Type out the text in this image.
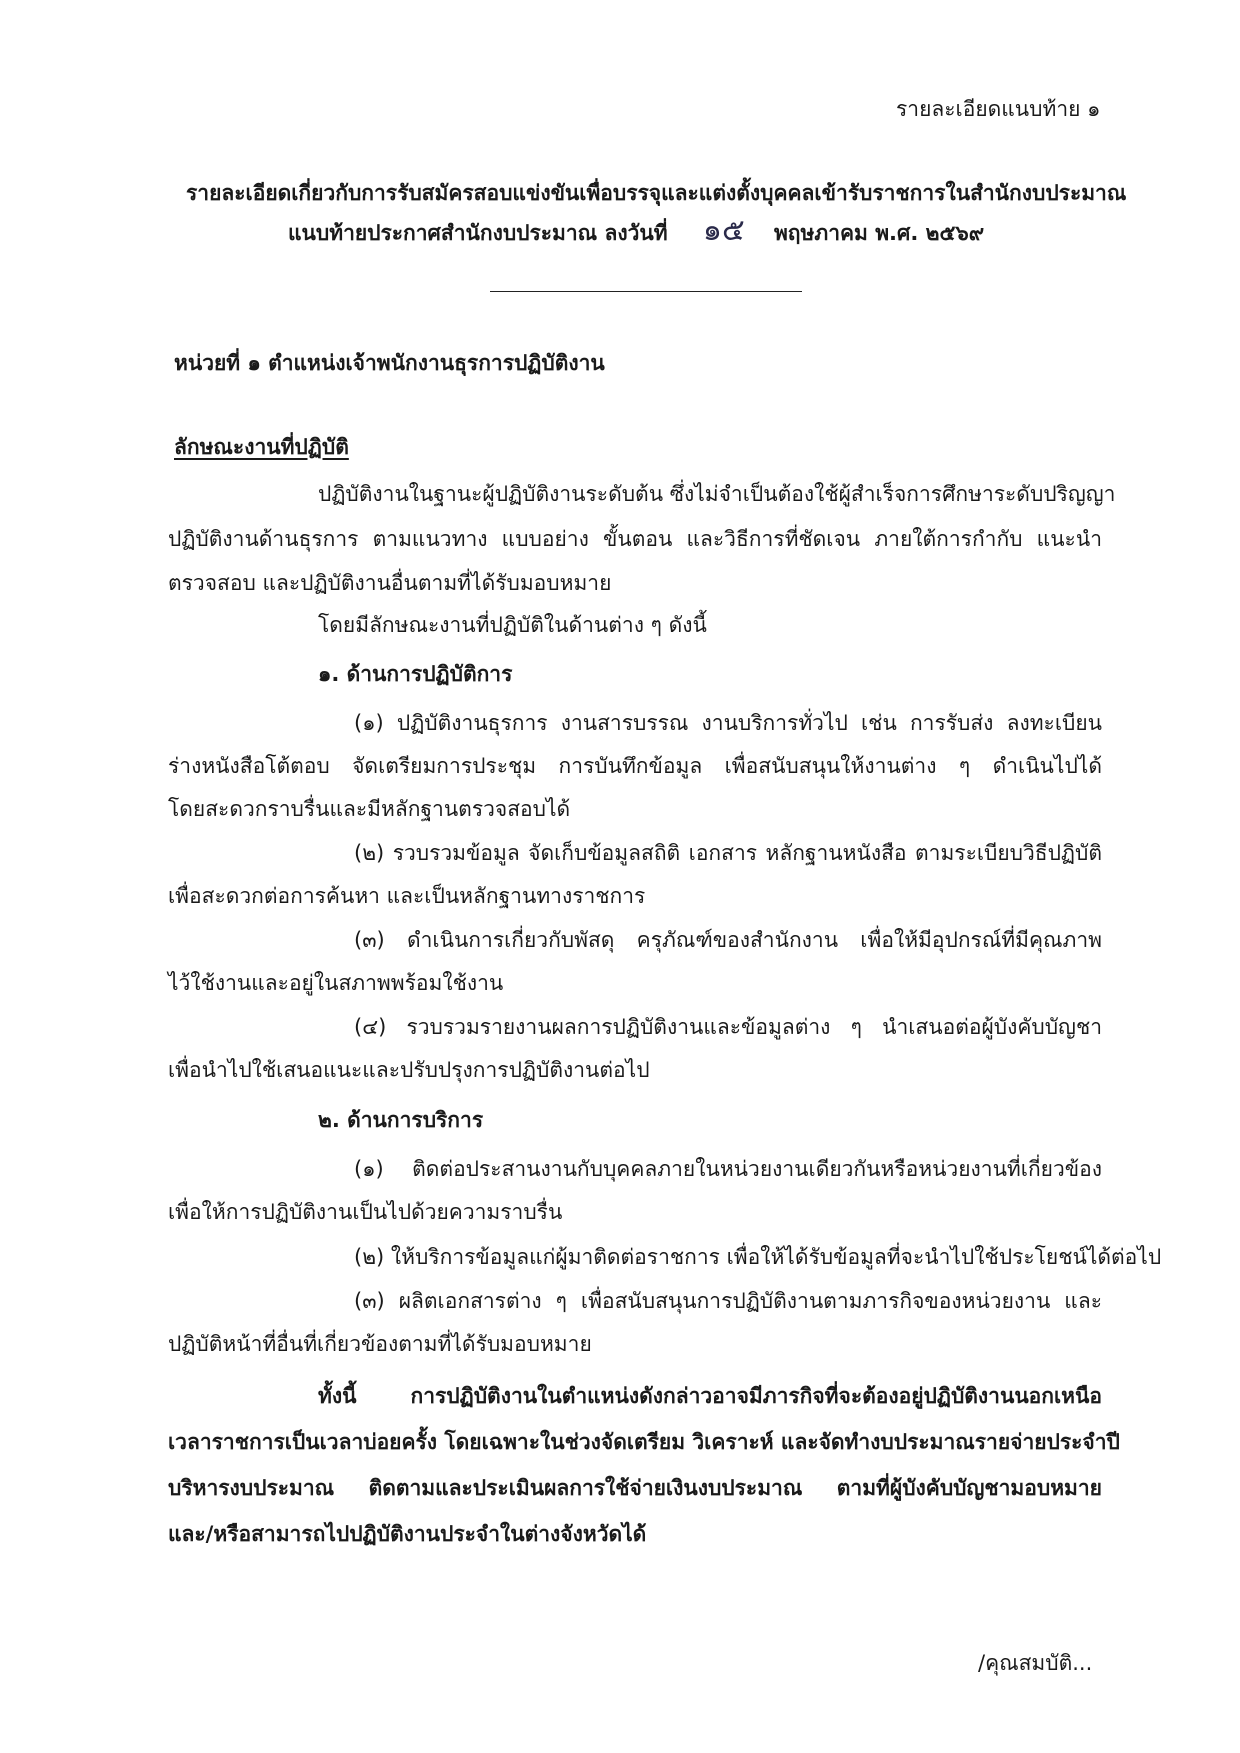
รายละเอียดแนบท้าย ๑
รายละเอียดเกี่ยวกับการรับสมัครสอบแข่งขันเพื่อบรรจุและแต่งตั้งบุคคลเข้ารับราชการในสำนักงบประมาณ
แนบท้ายประกาศสำนักงบประมาณ ลงวันที่ ๑๕ พฤษภาคม พ.ศ. ๒๕๖๙
หน่วยที่ ๑ ตำแหน่งเจ้าพนักงานธุรการปฏิบัติงาน
ลักษณะงานที่ปฏิบัติ
ปฏิบัติงานในฐานะผู้ปฏิบัติงานระดับต้น ซึ่งไม่จำเป็นต้องใช้ผู้สำเร็จการศึกษาระดับปริญญา
ปฏิบัติงานด้านธุรการ ตามแนวทาง แบบอย่าง ขั้นตอน และวิธีการที่ชัดเจน ภายใต้การกำกับ แนะนำ
ตรวจสอบ และปฏิบัติงานอื่นตามที่ได้รับมอบหมาย
โดยมีลักษณะงานที่ปฏิบัติในด้านต่าง ๆ ดังนี้
๑. ด้านการปฏิบัติการ
(๑) ปฏิบัติงานธุรการ งานสารบรรณ งานบริการทั่วไป เช่น การรับส่ง ลงทะเบียน
ร่างหนังสือโต้ตอบ จัดเตรียมการประชุม การบันทึกข้อมูล เพื่อสนับสนุนให้งานต่าง ๆ ดำเนินไปได้
โดยสะดวกราบรื่นและมีหลักฐานตรวจสอบได้
(๒) รวบรวมข้อมูล จัดเก็บข้อมูลสถิติ เอกสาร หลักฐานหนังสือ ตามระเบียบวิธีปฏิบัติ
เพื่อสะดวกต่อการค้นหา และเป็นหลักฐานทางราชการ
(๓) ดำเนินการเกี่ยวกับพัสดุ ครุภัณฑ์ของสำนักงาน เพื่อให้มีอุปกรณ์ที่มีคุณภาพ
ไว้ใช้งานและอยู่ในสภาพพร้อมใช้งาน
(๔) รวบรวมรายงานผลการปฏิบัติงานและข้อมูลต่าง ๆ นำเสนอต่อผู้บังคับบัญชา
เพื่อนำไปใช้เสนอแนะและปรับปรุงการปฏิบัติงานต่อไป
๒. ด้านการบริการ
(๑) ติดต่อประสานงานกับบุคคลภายในหน่วยงานเดียวกันหรือหน่วยงานที่เกี่ยวข้อง
เพื่อให้การปฏิบัติงานเป็นไปด้วยความราบรื่น
(๒) ให้บริการข้อมูลแก่ผู้มาติดต่อราชการ เพื่อให้ได้รับข้อมูลที่จะนำไปใช้ประโยชน์ได้ต่อไป
(๓) ผลิตเอกสารต่าง ๆ เพื่อสนับสนุนการปฏิบัติงานตามภารกิจของหน่วยงาน และ
ปฏิบัติหน้าที่อื่นที่เกี่ยวข้องตามที่ได้รับมอบหมาย
ทั้งนี้ การปฏิบัติงานในตำแหน่งดังกล่าวอาจมีภารกิจที่จะต้องอยู่ปฏิบัติงานนอกเหนือ
เวลาราชการเป็นเวลาบ่อยครั้ง โดยเฉพาะในช่วงจัดเตรียม วิเคราะห์ และจัดทำงบประมาณรายจ่ายประจำปี
บริหารงบประมาณ ติดตามและประเมินผลการใช้จ่ายเงินงบประมาณ ตามที่ผู้บังคับบัญชามอบหมาย
และ/หรือสามารถไปปฏิบัติงานประจำในต่างจังหวัดได้
/คุณสมบัติ...
